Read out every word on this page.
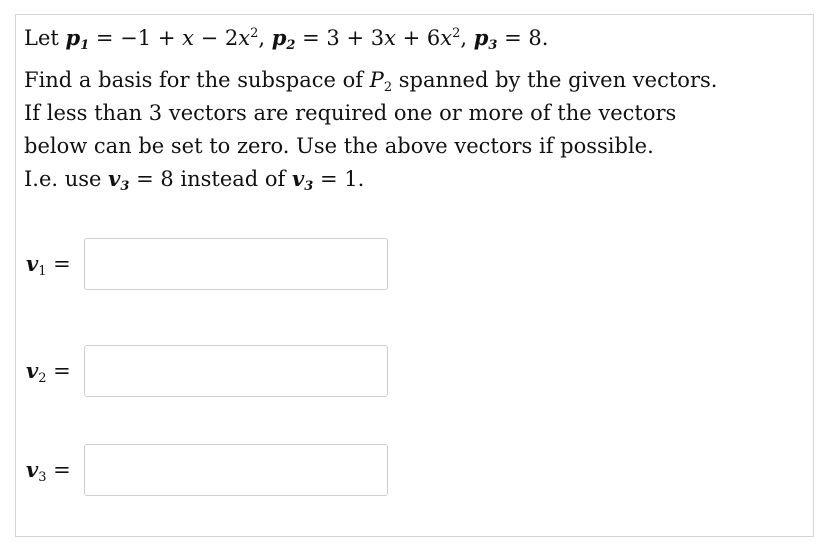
Let $p_1 = -1 + x - 2x^2$, $p_2 = 3 + 3x + 6x^2$, $p_3 = 8$.
Find a basis for the subspace of $P_2$ spanned by the given vectors.
If less than 3 vectors are required one or more of the vectors
below can be set to zero. Use the above vectors if possible.
I.e. use $v_3 = 8$ instead of $v_3 = 1$.
$v_1$ =
$v_2$ =
$v_3$ =
